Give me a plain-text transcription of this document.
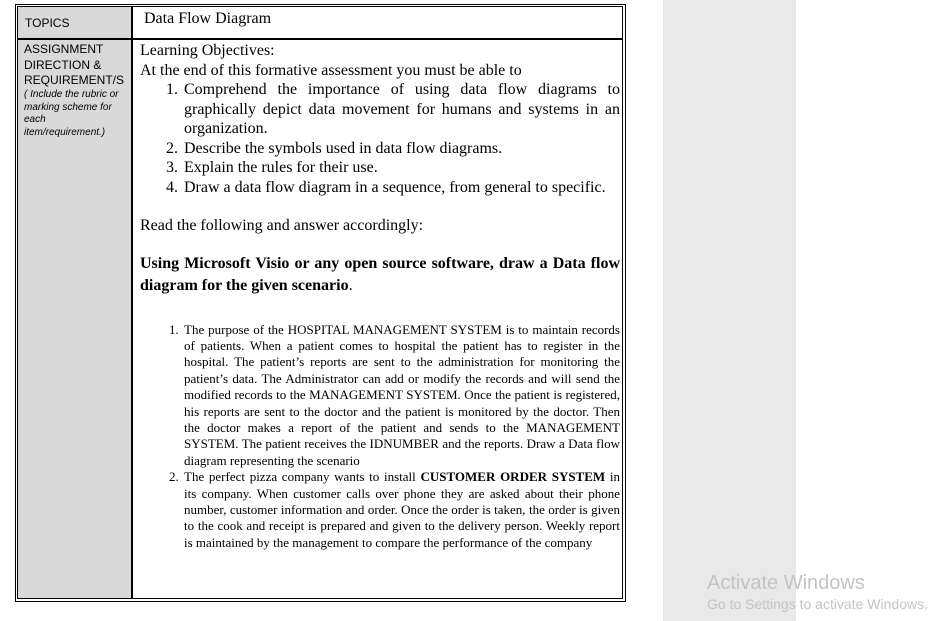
TOPICS	Data Flow Diagram
ASSIGNMENT DIRECTION & REQUIREMENT/S
( Include the rubric or marking scheme for each item/requirement.)
Learning Objectives:
At the end of this formative assessment you must be able to
1. Comprehend the importance of using data flow diagrams to graphically depict data movement for humans and systems in an organization.
2. Describe the symbols used in data flow diagrams.
3. Explain the rules for their use.
4. Draw a data flow diagram in a sequence, from general to specific.
Read the following and answer accordingly:
Using Microsoft Visio or any open source software, draw a Data flow diagram for the given scenario.
1. The purpose of the HOSPITAL MANAGEMENT SYSTEM is to maintain records of patients. When a patient comes to hospital the patient has to register in the hospital. The patient’s reports are sent to the administration for monitoring the patient’s data. The Administrator can add or modify the records and will send the modified records to the MANAGEMENT SYSTEM. Once the patient is registered, his reports are sent to the doctor and the patient is monitored by the doctor. Then the doctor makes a report of the patient and sends to the MANAGEMENT SYSTEM. The patient receives the IDNUMBER and the reports. Draw a Data flow diagram representing the scenario
2. The perfect pizza company wants to install CUSTOMER ORDER SYSTEM in its company. When customer calls over phone they are asked about their phone number, customer information and order. Once the order is taken, the order is given to the cook and receipt is prepared and given to the delivery person. Weekly report is maintained by the management to compare the performance of the company
Activate Windows
Go to Settings to activate Windows.
